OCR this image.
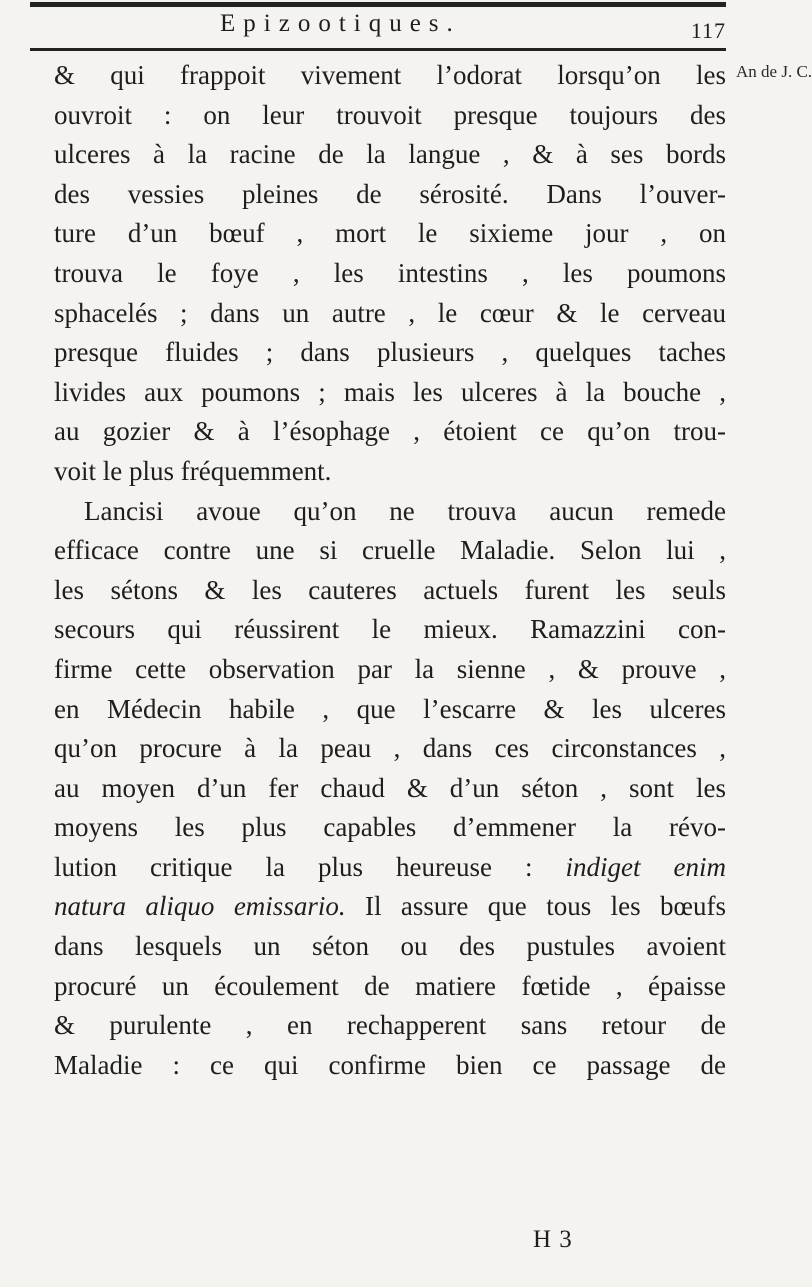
Epizootiques.	117
An de J. C.
& qui frappoit vivement l’odorat lorsqu’on les
ouvroit : on leur trouvoit presque toujours des
ulceres à la racine de la langue , & à ses bords
des vessies pleines de sérosité. Dans l’ouver-
ture d’un bœuf , mort le sixieme jour , on
trouva le foye , les intestins , les poumons
sphacelés ; dans un autre , le cœur & le cerveau
presque fluides ; dans plusieurs , quelques taches
livides aux poumons ; mais les ulceres à la bouche ,
au gozier & à l’ésophage , étoient ce qu’on trou-
voit le plus fréquemment.
Lancisi avoue qu’on ne trouva aucun remede
efficace contre une si cruelle Maladie. Selon lui ,
les sétons & les cauteres actuels furent les seuls
secours qui réussirent le mieux. Ramazzini con-
firme cette observation par la sienne , & prouve ,
en Médecin habile , que l’escarre & les ulceres
qu’on procure à la peau , dans ces circonstances ,
au moyen d’un fer chaud & d’un séton , sont les
moyens les plus capables d’emmener la révo-
lution critique la plus heureuse : indiget enim
natura aliquo emissario. Il assure que tous les bœufs
dans lesquels un séton ou des pustules avoient
procuré un écoulement de matiere fœtide , épaisse
& purulente , en rechapperent sans retour de
Maladie : ce qui confirme bien ce passage de
H 3
